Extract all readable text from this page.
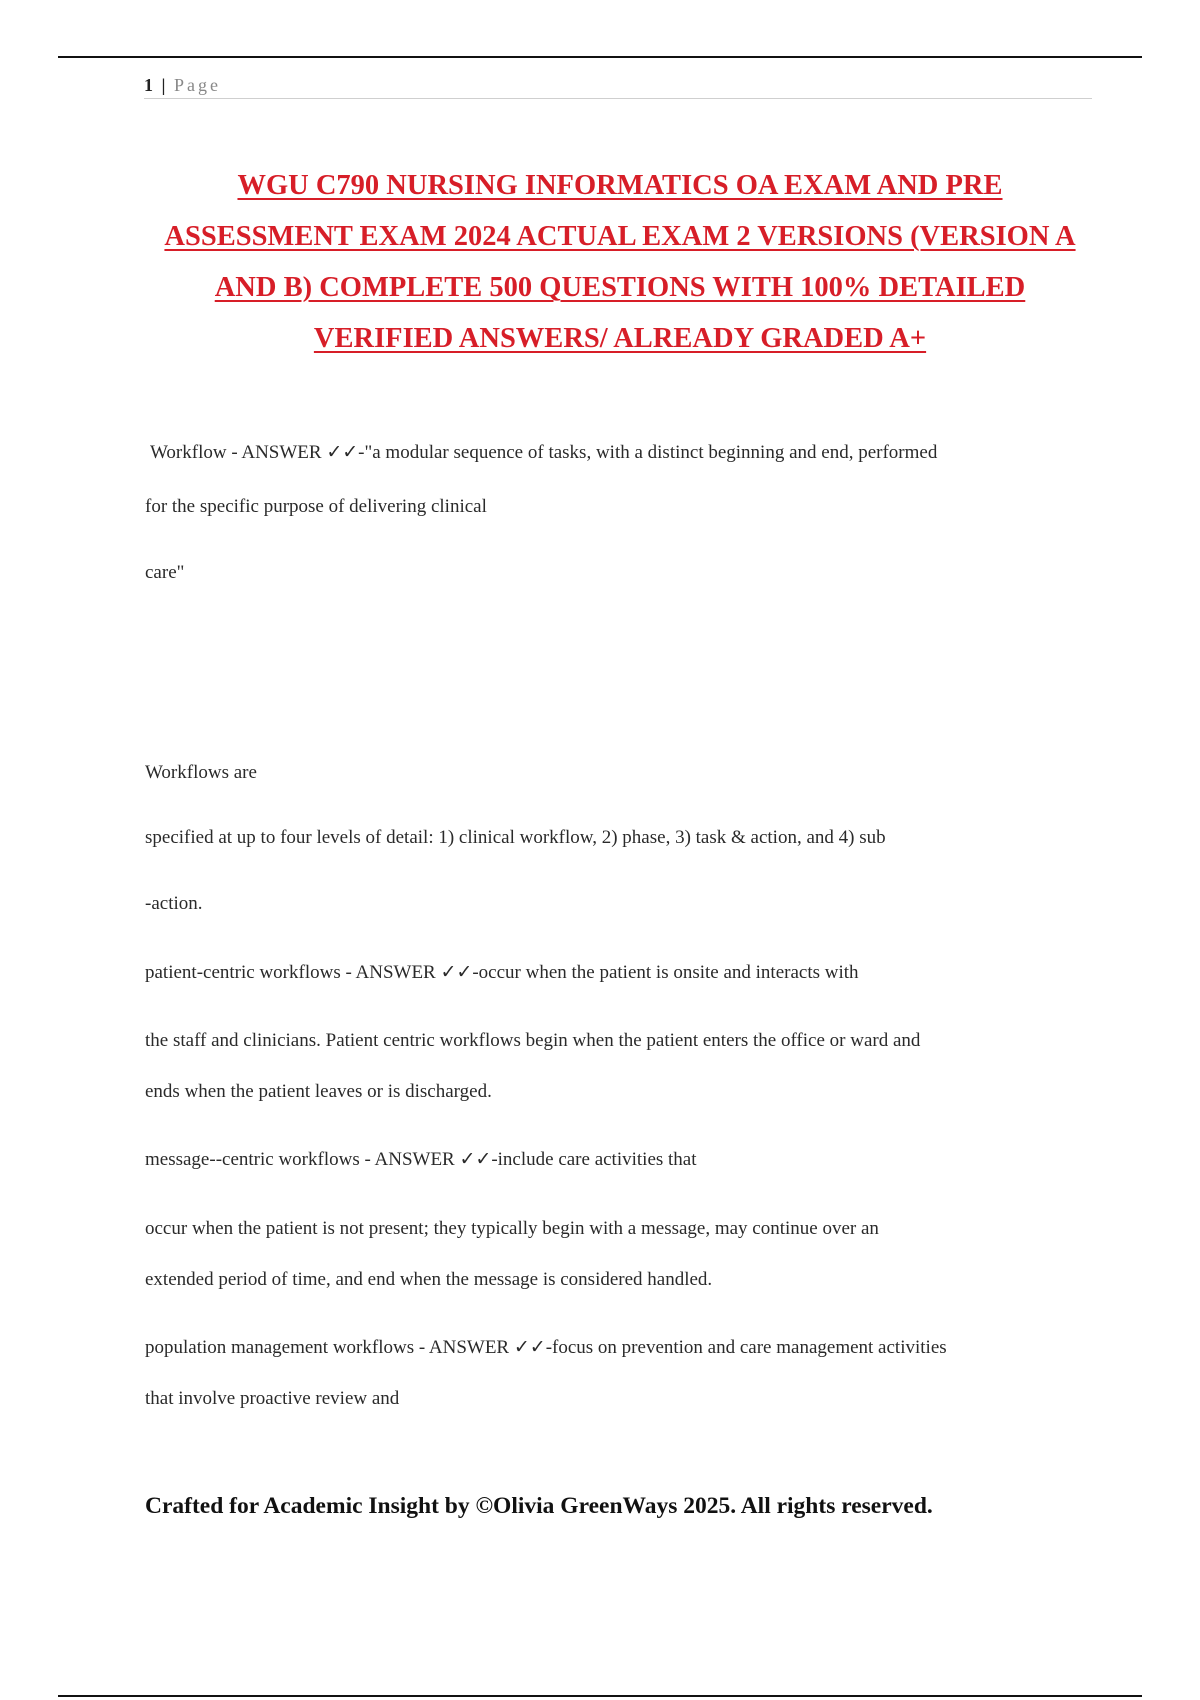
1 | Page
WGU C790 NURSING INFORMATICS OA EXAM AND PRE
ASSESSMENT EXAM 2024 ACTUAL EXAM 2 VERSIONS (VERSION A
AND B) COMPLETE 500 QUESTIONS WITH 100% DETAILED
VERIFIED ANSWERS/ ALREADY GRADED A+

Workflow - ANSWER ✓✓-"a modular sequence of tasks, with a distinct beginning and end, performed

for the specific purpose of delivering clinical

care"

Workflows are

specified at up to four levels of detail: 1) clinical workflow, 2) phase, 3) task & action, and 4) sub

-action.

patient-centric workflows - ANSWER ✓✓-occur when the patient is onsite and interacts with

the staff and clinicians. Patient centric workflows begin when the patient enters the office or ward and

ends when the patient leaves or is discharged.

message--centric workflows - ANSWER ✓✓-include care activities that

occur when the patient is not present; they typically begin with a message, may continue over an

extended period of time, and end when the message is considered handled.

population management workflows - ANSWER ✓✓-focus on prevention and care management activities

that involve proactive review and

Crafted for Academic Insight by ©Olivia GreenWays 2025. All rights reserved.
